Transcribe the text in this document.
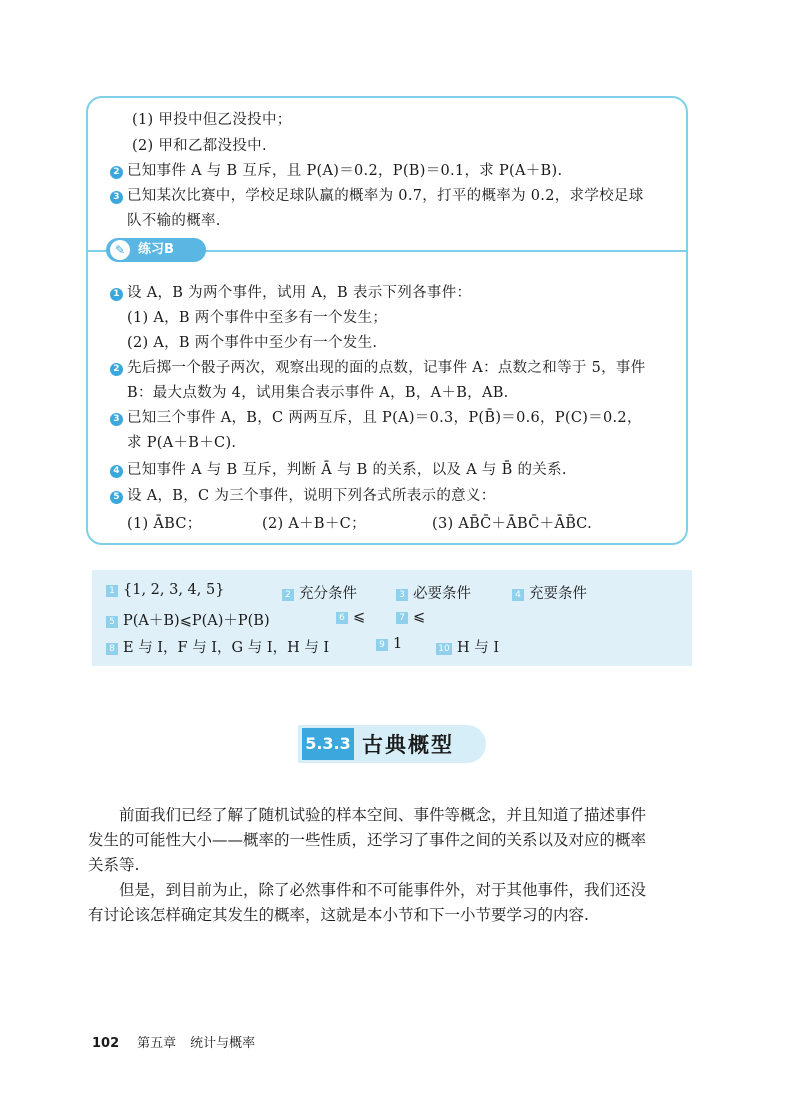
(1) 甲投中但乙没投中；
(2) 甲和乙都没投中.
2 已知事件 A 与 B 互斥，且 P(A)＝0.2，P(B)＝0.1，求 P(A＋B).
3 已知某次比赛中，学校足球队赢的概率为 0.7，打平的概率为 0.2，求学校足球
队不输的概率.
✎ 练习B
1 设 A，B 为两个事件，试用 A，B 表示下列各事件：
(1) A，B 两个事件中至多有一个发生；
(2) A，B 两个事件中至少有一个发生.
2 先后掷一个骰子两次，观察出现的面的点数，记事件 A：点数之和等于 5，事件
B：最大点数为 4，试用集合表示事件 A，B，A＋B，AB.
3 已知三个事件 A，B，C 两两互斥，且 P(A)＝0.3，P(B̄)＝0.6，P(C)＝0.2，
求 P(A＋B＋C).
4 已知事件 A 与 B 互斥，判断 Ā 与 B 的关系，以及 A 与 B̄ 的关系.
5 设 A，B，C 为三个事件，说明下列各式所表示的意义：
(1) ĀBC；	(2) A＋B＋C；	(3) AB̄C̄＋ĀBC̄＋ĀB̄C.
1 {1, 2, 3, 4, 5}	2 充分条件	3 必要条件	4 充要条件
5 P(A＋B)⩽P(A)＋P(B)	6 ⩽	7 ⩽
8 E 与 I，F 与 I，G 与 I，H 与 I	9 1	10 H 与 I
5.3.3 古典概型
前面我们已经了解了随机试验的样本空间、事件等概念，并且知道了描述事件发生的可能性大小——概率的一些性质，还学习了事件之间的关系以及对应的概率关系等.
但是，到目前为止，除了必然事件和不可能事件外，对于其他事件，我们还没有讨论该怎样确定其发生的概率，这就是本小节和下一小节要学习的内容.
102 第五章 统计与概率
